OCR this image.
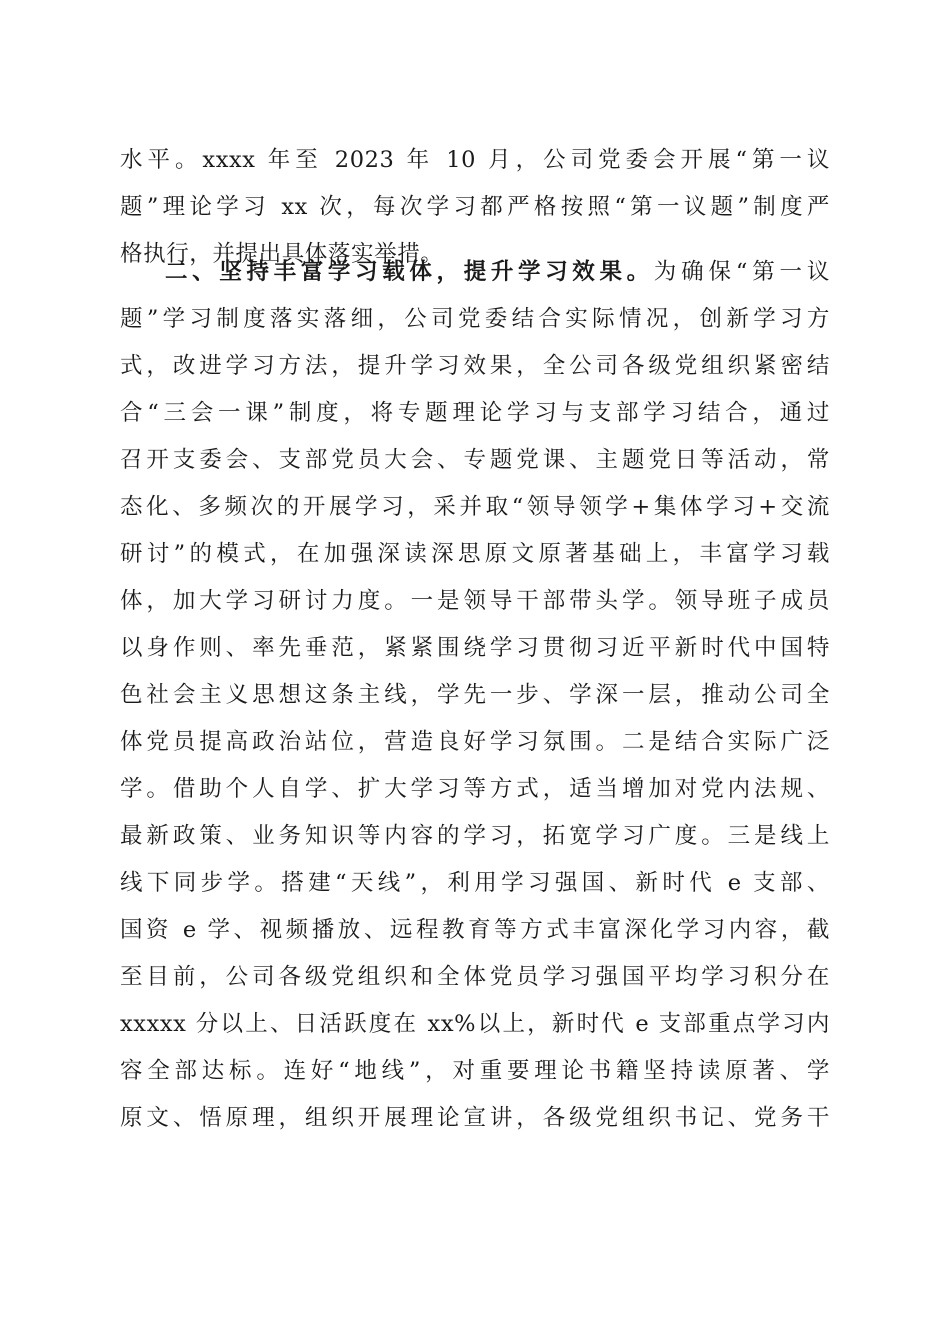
水平。xxxx 年至 2023 年 10 月，公司党委会开展“第一议
题”理论学习 xx 次，每次学习都严格按照“第一议题”制度严
格执行，并提出具体落实举措。
二、坚持丰富学习载体，提升学习效果。为确保“第一议
题”学习制度落实落细，公司党委结合实际情况，创新学习方
式，改进学习方法，提升学习效果，全公司各级党组织紧密结
合“三会一课”制度，将专题理论学习与支部学习结合，通过
召开支委会、支部党员大会、专题党课、主题党日等活动，常
态化、多频次的开展学习，采并取“领导领学+集体学习+交流
研讨”的模式，在加强深读深思原文原著基础上，丰富学习载
体，加大学习研讨力度。一是领导干部带头学。领导班子成员
以身作则、率先垂范，紧紧围绕学习贯彻习近平新时代中国特
色社会主义思想这条主线，学先一步、学深一层，推动公司全
体党员提高政治站位，营造良好学习氛围。二是结合实际广泛
学。借助个人自学、扩大学习等方式，适当增加对党内法规、
最新政策、业务知识等内容的学习，拓宽学习广度。三是线上
线下同步学。搭建“天线”，利用学习强国、新时代 e 支部、
国资 e 学、视频播放、远程教育等方式丰富深化学习内容，截
至目前，公司各级党组织和全体党员学习强国平均学习积分在
xxxxx 分以上、日活跃度在 xx%以上，新时代 e 支部重点学习内
容全部达标。连好“地线”，对重要理论书籍坚持读原著、学
原文、悟原理，组织开展理论宣讲，各级党组织书记、党务干
